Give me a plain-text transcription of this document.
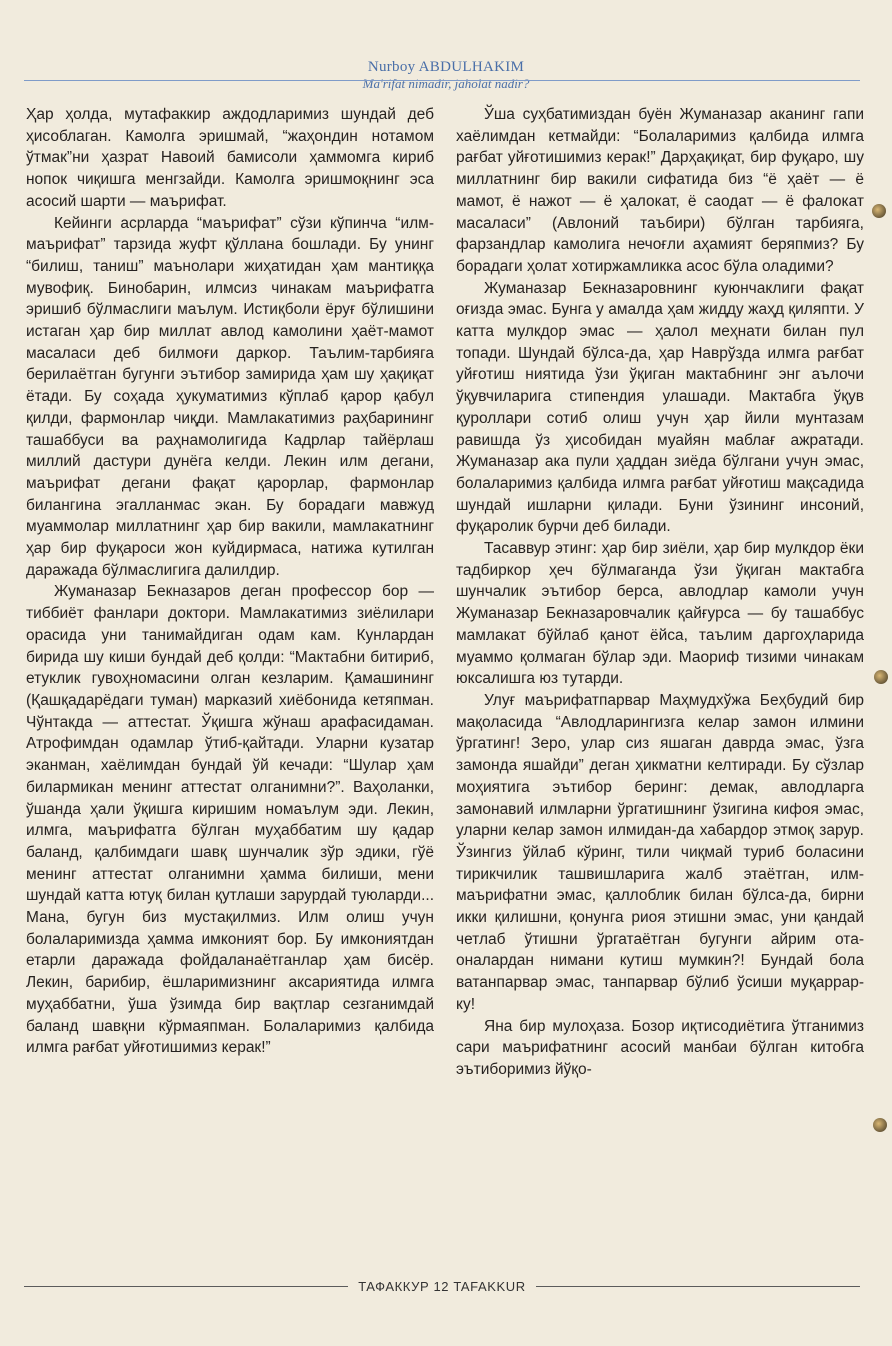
Nurboy ABDULHAKIM
Ma'rifat nimadir, jaholat nadir?

Ҳар ҳолда, мутафаккир аждодларимиз шундай деб ҳисоблаган. Камолга эришмай, “жаҳондин нотамом ўтмак”ни ҳазрат Навоий бамисоли ҳаммомга кириб нопок чиқишга менгзайди. Камолга эришмоқнинг эса асосий шарти — маърифат.

Кейинги асрларда “маърифат” сўзи кўпинча “илм-маърифат” тарзида жуфт қўллана бошлади. Бу унинг “билиш, таниш” маънолари жиҳатидан ҳам мантиққа мувофиқ. Бинобарин, илмсиз чинакам маърифатга эришиб бўлмаслиги маълум. Истиқболи ёруғ бўлишини истаган ҳар бир миллат авлод камолини ҳаёт-мамот масаласи деб билмоғи даркор. Таълим-тарбияга берилаётган бугунги эътибор замирида ҳам шу ҳақиқат ётади. Бу соҳада ҳукуматимиз кўплаб қарор қабул қилди, фармонлар чиқди. Мамлакатимиз раҳбарининг ташаббуси ва раҳнамолигида Кадрлар тайёрлаш миллий дастури дунёга келди. Лекин илм дегани, маърифат дегани фақат қарорлар, фармонлар билангина эгалланмас экан. Бу борадаги мавжуд муаммолар миллатнинг ҳар бир вакили, мамлакатнинг ҳар бир фуқароси жон куйдирмаса, натижа кутилган даражада бўлмаслигига далилдир.

Жуманазар Бекназаров деган профессор бор — тиббиёт фанлари доктори. Мамлакатимиз зиёлилари орасида уни танимайдиган одам кам. Кунлардан бирида шу киши бундай деб қолди: “Мактабни битириб, етуклик гувоҳномасини олган кезларим. Қамашининг (Қашқадарёдаги туман) марказий хиёбонида кетяпман. Чўнтакда — аттестат. Ўқишга жўнаш арафасидаман. Атрофимдан одамлар ўтиб-қайтади. Уларни кузатар эканман, хаёлимдан бундай ўй кечади: “Шулар ҳам билармикан менинг аттестат олганимни?”. Ваҳоланки, ўшанда ҳали ўқишга киришим номаълум эди. Лекин, илмга, маърифатга бўлган муҳаббатим шу қадар баланд, қалбимдаги шавқ шунчалик зўр эдики, гўё менинг аттестат олганимни ҳамма билиши, мени шундай катта ютуқ билан қутлаши зарурдай туюларди... Мана, бугун биз мустақилмиз. Илм олиш учун болаларимизда ҳамма имконият бор. Бу имкониятдан етарли даражада фойдаланаётганлар ҳам бисёр. Лекин, барибир, ёшларимизнинг аксариятида илмга муҳаббатни, ўша ўзимда бир вақтлар сезганимдай баланд шавқни кўрмаяпман. Болаларимиз қалбида илмга рағбат уйғотишимиз керак!”

Ўша суҳбатимиздан буён Жуманазар аканинг гапи хаёлимдан кетмайди: “Болаларимиз қалбида илмга рағбат уйғотишимиз керак!” Дарҳақиқат, бир фуқаро, шу миллатнинг бир вакили сифатида биз “ё ҳаёт — ё мамот, ё нажот — ё ҳалокат, ё саодат — ё фалокат масаласи” (Авлоний таъбири) бўлган тарбияга, фарзандлар камолига нечоғли аҳамият беряпмиз? Бу борадаги ҳолат хотиржамликка асос бўла оладими?

Жуманазар Бекназаровнинг куюнчаклиги фақат оғизда эмас. Бунга у амалда ҳам жидду жаҳд қиляпти. У катта мулкдор эмас — ҳалол меҳнати билан пул топади. Шундай бўлса-да, ҳар Наврўзда илмга рағбат уйғотиш ниятида ўзи ўқиган мактабнинг энг аълочи ўқувчиларига стипендия улашади. Мактабга ўқув қуроллари сотиб олиш учун ҳар йили мунтазам равишда ўз ҳисобидан муайян маблағ ажратади. Жуманазар ака пули ҳаддан зиёда бўлгани учун эмас, болаларимиз қалбида илмга рағбат уйғотиш мақсадида шундай ишларни қилади. Буни ўзининг инсоний, фуқаролик бурчи деб билади.

Тасаввур этинг: ҳар бир зиёли, ҳар бир мулкдор ёки тадбиркор ҳеч бўлмаганда ўзи ўқиган мактабга шунчалик эътибор берса, авлодлар камоли учун Жуманазар Бекназаровчалик қайғурса — бу ташаббус мамлакат бўйлаб қанот ёйса, таълим даргоҳларида муаммо қолмаган бўлар эди. Маориф тизими чинакам юксалишга юз тутарди.

Улуғ маърифатпарвар Маҳмудхўжа Беҳбудий бир мақоласида “Авлодларингизга келар замон илмини ўргатинг! Зеро, улар сиз яшаган даврда эмас, ўзга замонда яшайди” деган ҳикматни келтиради. Бу сўзлар моҳиятига эътибор беринг: демак, авлодларга замонавий илмларни ўргатишнинг ўзигина кифоя эмас, уларни келар замон илмидан-да хабардор этмоқ зарур. Ўзингиз ўйлаб кўринг, тили чиқмай туриб боласини тирикчилик ташвишларига жалб этаётган, илм-маърифатни эмас, қаллоблик билан бўлса-да, бирни икки қилишни, қонунга риоя этишни эмас, уни қандай четлаб ўтишни ўргатаётган бугунги айрим ота-оналардан нимани кутиш мумкин?! Бундай бола ватанпарвар эмас, танпарвар бўлиб ўсиши муқаррар-ку!

Яна бир мулоҳаза. Бозор иқтисодиётига ўтганимиз сари маърифатнинг асосий манбаи бўлган китобга эътиборимиз йўқо-

ТАФАККУР 12 TAFAKKUR
